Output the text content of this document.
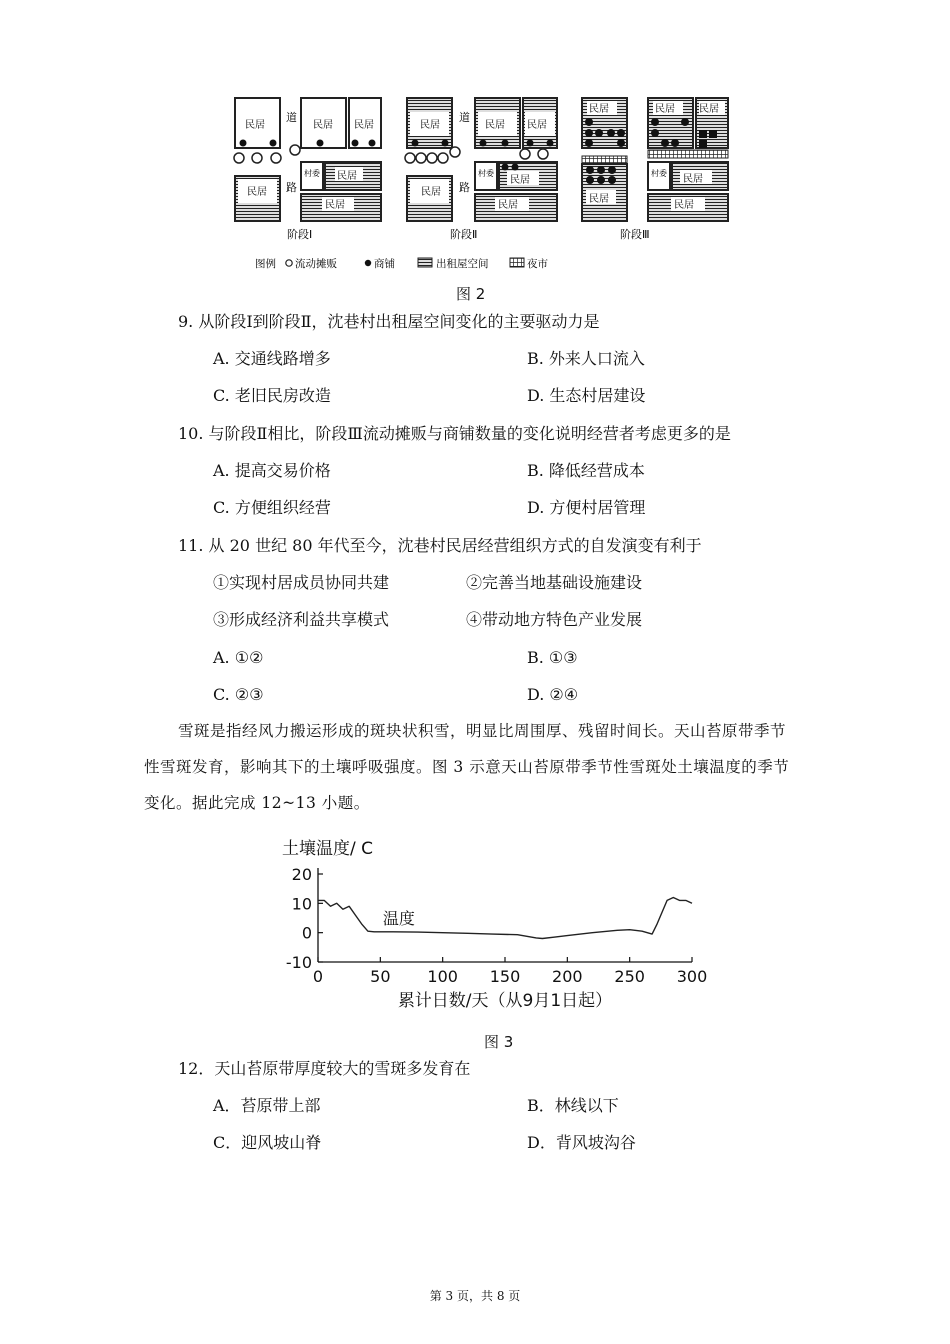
民居	民居 民居
道
路
民居
村委 民居
民居
阶段Ⅰ
民居	民居 民居
道
路
民居
村委
民居
民居
阶段Ⅱ
民居	民居 民居
民居
村委
民居
民居
阶段Ⅲ
图例 流动摊贩	商铺	出租屋空间	夜市
图 2
9. 从阶段Ⅰ到阶段Ⅱ，沈巷村出租屋空间变化的主要驱动力是
A. 交通线路增多	B. 外来人口流入
C. 老旧民房改造	D. 生态村居建设
10. 与阶段Ⅱ相比，阶段Ⅲ流动摊贩与商铺数量的变化说明经营者考虑更多的是
A. 提高交易价格	B. 降低经营成本
C. 方便组织经营	D. 方便村居管理
11. 从 20 世纪 80 年代至今，沈巷村民居经营组织方式的自发演变有利于
①实现村居成员协同共建	②完善当地基础设施建设
③形成经济利益共享模式	④带动地方特色产业发展
A. ①②	B. ①③
C. ②③	D. ②④
雪斑是指经风力搬运形成的斑块状积雪，明显比周围厚、残留时间长。天山苔原带季节
性雪斑发育，影响其下的土壤呼吸强度。图 3 示意天山苔原带季节性雪斑处土壤温度的季节
变化。据此完成 12~13 小题。
20
10
0
-10
0	50 100 150 200 250 300
土壤温度/ C
累计日数/天（从9月1日起）
温度
图 3
12．天山苔原带厚度较大的雪斑多发育在
A．苔原带上部	B．林线以下
C．迎风坡山脊	D．背风坡沟谷
第 3 页，共 8 页
